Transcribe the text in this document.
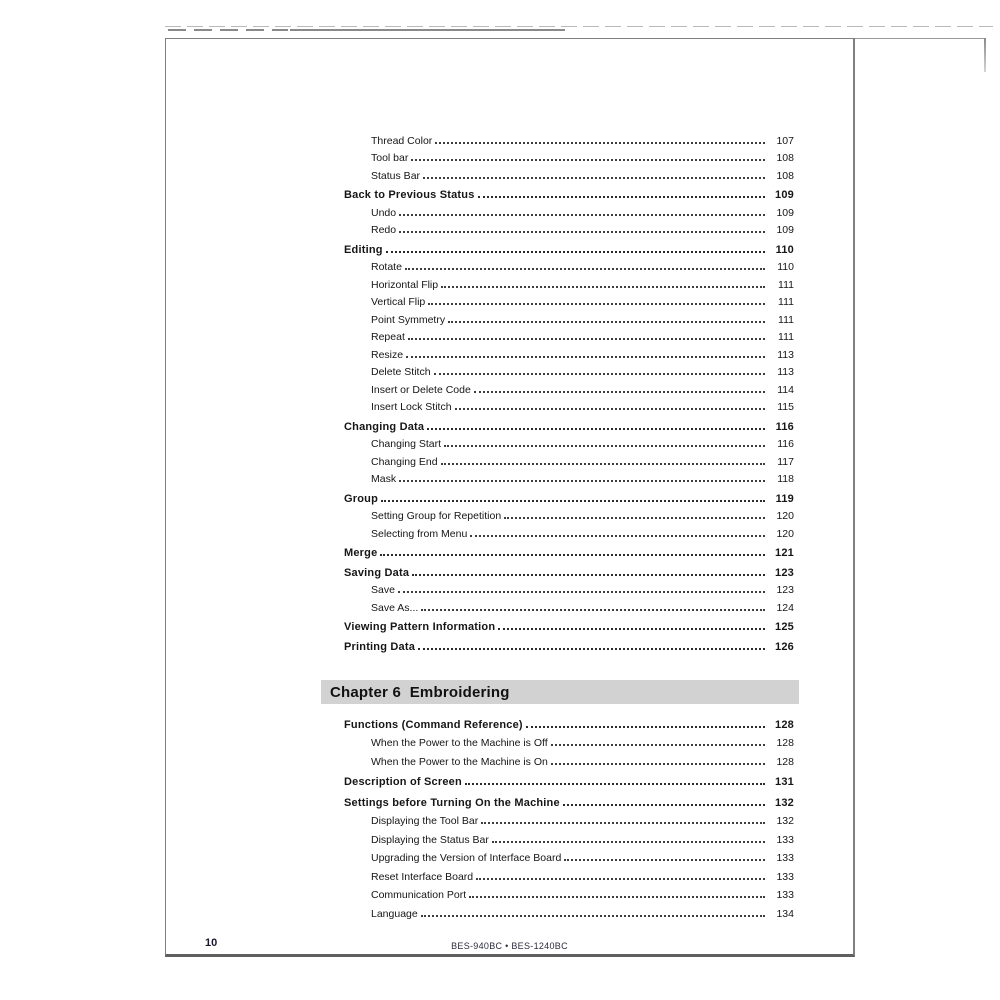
Thread Color	107
Tool bar	108
Status Bar	108
Back to Previous Status	109
Undo	109
Redo	109
Editing	110
Rotate	110
Horizontal Flip	111
Vertical Flip	111
Point Symmetry	111
Repeat	111
Resize	113
Delete Stitch	113
Insert or Delete Code	114
Insert Lock Stitch	115
Changing Data	116
Changing Start	116
Changing End	117
Mask	118
Group	119
Setting Group for Repetition	120
Selecting from Menu	120
Merge	121
Saving Data	123
Save	123
Save As...	124
Viewing Pattern Information	125
Printing Data	126
Chapter 6  Embroidering
Functions (Command Reference)	128
When the Power to the Machine is Off	128
When the Power to the Machine is On	128
Description of Screen	131
Settings before Turning On the Machine	132
Displaying the Tool Bar	132
Displaying the Status Bar	133
Upgrading the Version of Interface Board	133
Reset Interface Board	133
Communication Port	133
Language	134
10	BES-940BC • BES-1240BC
